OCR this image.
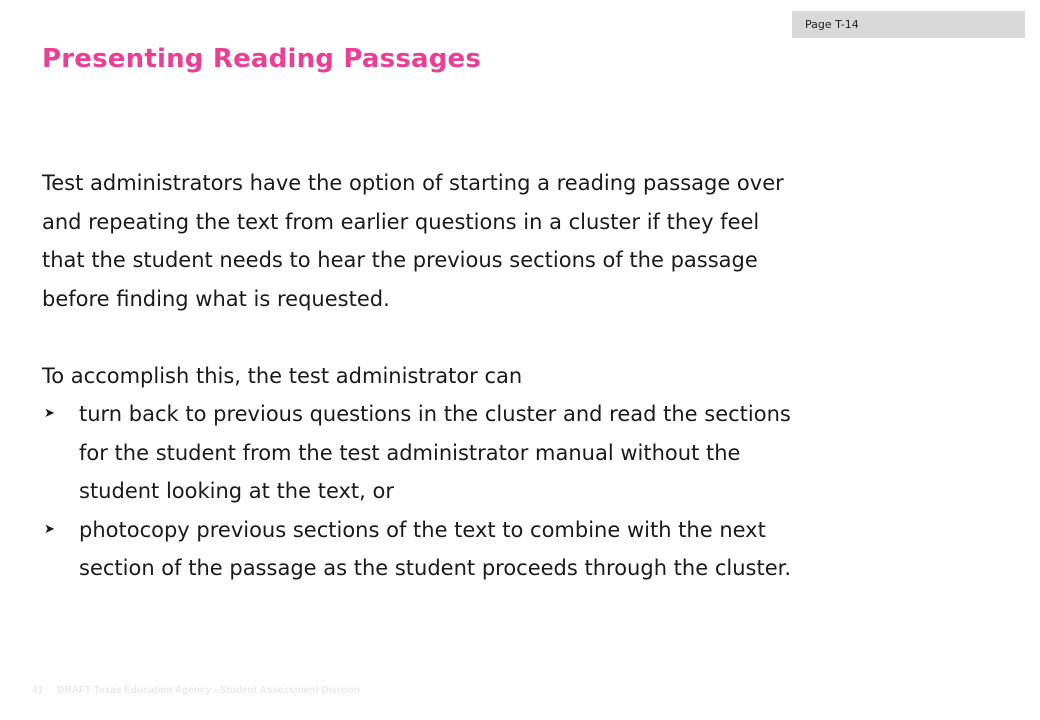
Page T-14
Presenting Reading Passages

Test administrators have the option of starting a reading passage over
and repeating the text from earlier questions in a cluster if they feel
that the student needs to hear the previous sections of the passage
before finding what is requested.

To accomplish this, the test administrator can

➤ turn back to previous questions in the cluster and read the sections
for the student from the test administrator manual without the
student looking at the text, or
➤ photocopy previous sections of the text to combine with the next
section of the passage as the student proceeds through the cluster.
41 DRAFT Texas Education Agency - Student Assessment Division
